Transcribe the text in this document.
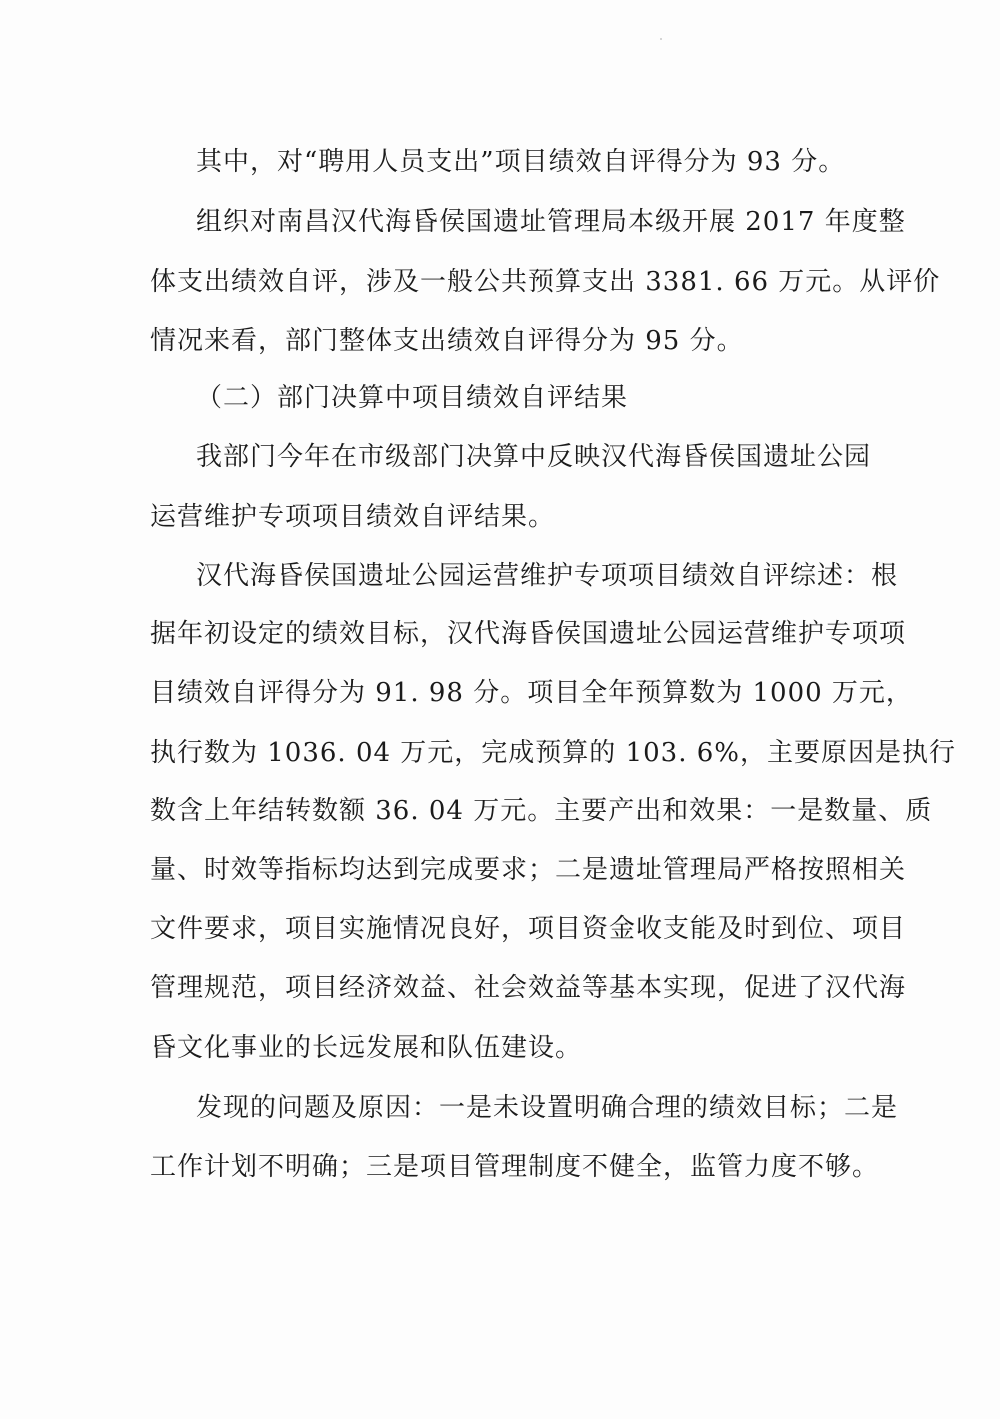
其中，对“聘用人员支出”项目绩效自评得分为 93 分。
组织对南昌汉代海昏侯国遗址管理局本级开展 2017 年度整
体支出绩效自评，涉及一般公共预算支出 3381. 66 万元。从评价
情况来看，部门整体支出绩效自评得分为 95 分。
（二）部门决算中项目绩效自评结果
我部门今年在市级部门决算中反映汉代海昏侯国遗址公园
运营维护专项项目绩效自评结果。
汉代海昏侯国遗址公园运营维护专项项目绩效自评综述：根
据年初设定的绩效目标，汉代海昏侯国遗址公园运营维护专项项
目绩效自评得分为 91. 98 分。项目全年预算数为 1000 万元，
执行数为 1036. 04 万元，完成预算的 103. 6%，主要原因是执行
数含上年结转数额 36. 04 万元。主要产出和效果：一是数量、质
量、时效等指标均达到完成要求；二是遗址管理局严格按照相关
文件要求，项目实施情况良好，项目资金收支能及时到位、项目
管理规范，项目经济效益、社会效益等基本实现，促进了汉代海
昏文化事业的长远发展和队伍建设。
发现的问题及原因：一是未设置明确合理的绩效目标；二是
工作计划不明确；三是项目管理制度不健全，监管力度不够。
